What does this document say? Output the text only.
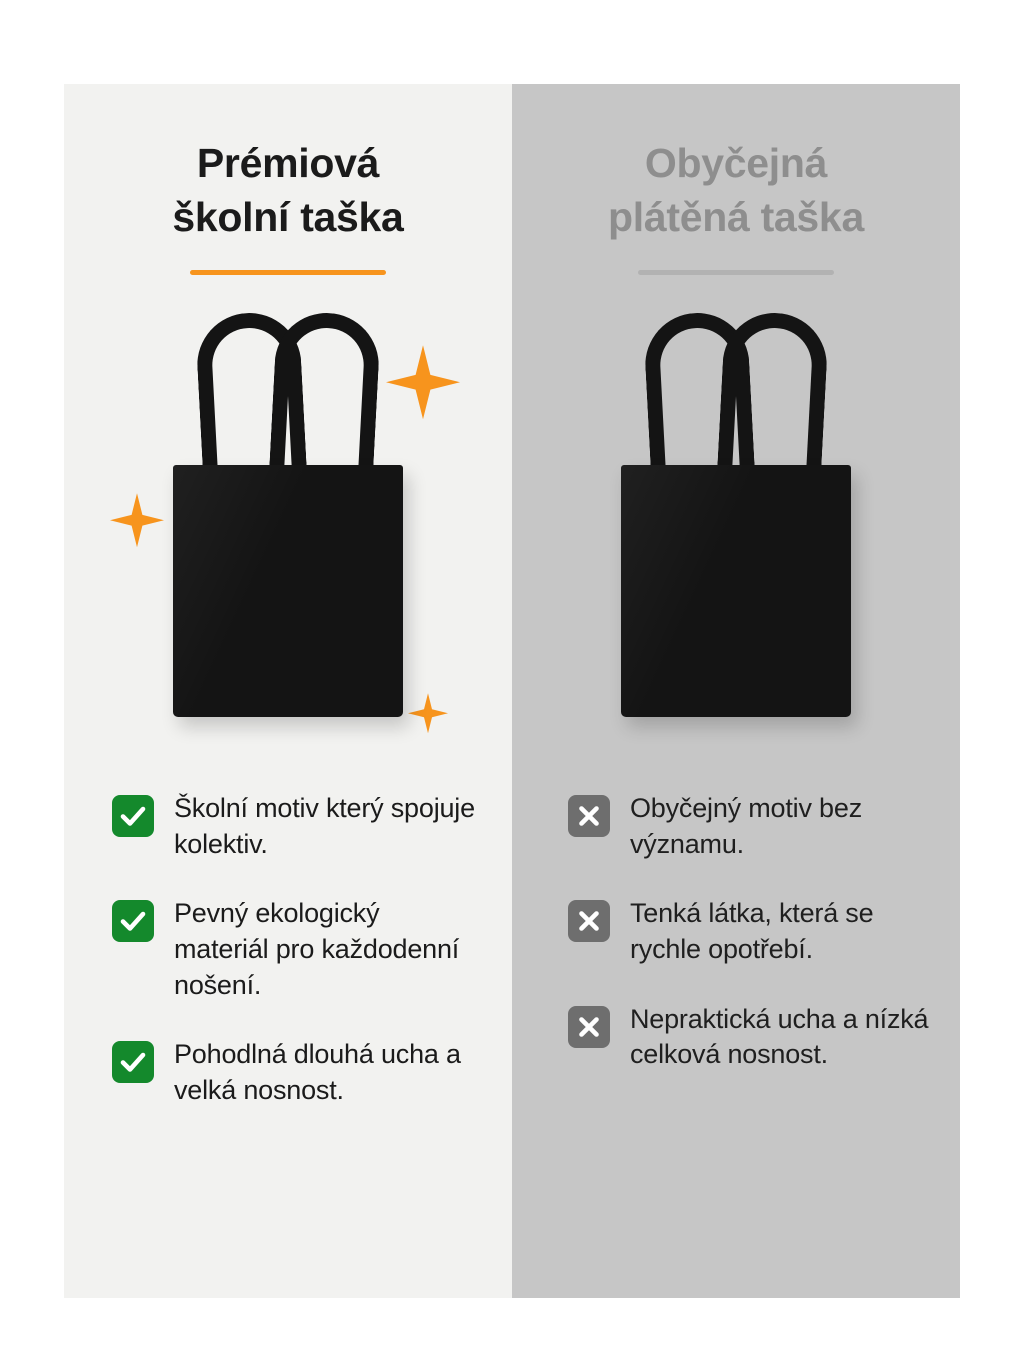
Prémiová
školní taška
Školní motiv který spojuje kolektiv.
Pevný ekologický materiál pro každodenní nošení.
Pohodlná dlouhá ucha a velká nosnost.
Obyčejná
plátěná taška
Obyčejný motiv bez významu.
Tenká látka, která se rychle opotřebí.
Nepraktická ucha a nízká celková nosnost.
